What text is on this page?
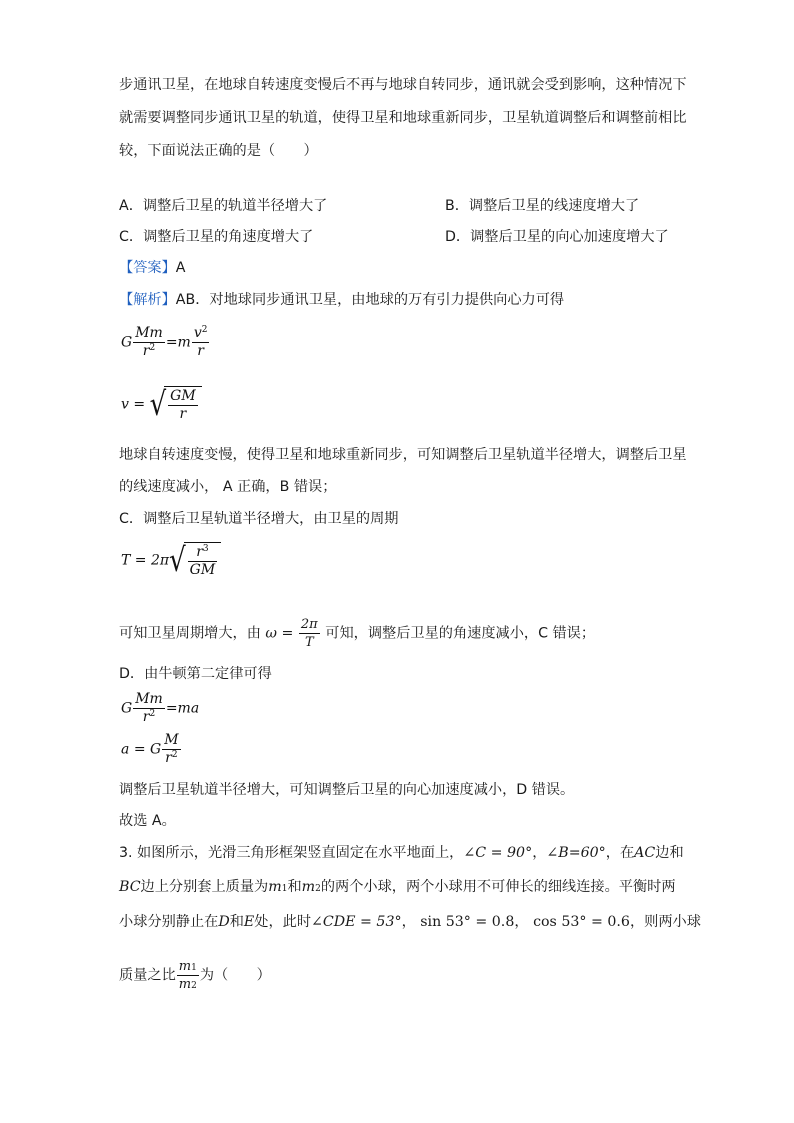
步通讯卫星，在地球自转速度变慢后不再与地球自转同步，通讯就会受到影响，这种情况下
就需要调整同步通讯卫星的轨道，使得卫星和地球重新同步，卫星轨道调整后和调整前相比
较，下面说法正确的是（　　）
A．调整后卫星的轨道半径增大了	B．调整后卫星的线速度增大了
C．调整后卫星的角速度增大了	D．调整后卫星的向心加速度增大了
【答案】A
【解析】AB．对地球同步通讯卫星，由地球的万有引力提供向心力可得
G $\frac{Mm}{r^2} =m \frac{v^2}{r}$
v = √ $\frac{GM}{r}$
地球自转速度变慢，使得卫星和地球重新同步，可知调整后卫星轨道半径增大，调整后卫星
的线速度减小， A 正确，B 错误；
C．调整后卫星轨道半径增大，由卫星的周期
$T = 2\pi√ \frac{r^3}{GM}$
可知卫星周期增大，由 $\omega = \frac{2\pi}{T}$ 可知，调整后卫星的角速度减小，C 错误；
D．由牛顿第二定律可得
G $\frac{Mm}{r^2} =ma$
a = G $\frac{M}{r^2}$
调整后卫星轨道半径增大，可知调整后卫星的向心加速度减小，D 错误。
故选 A。
3. 如图所示，光滑三角形框架竖直固定在水平地面上，∠C = 90°，∠B=60°，在AC边和
BC边上分别套上质量为$m_1$和$m_2$的两个小球，两个小球用不可伸长的细线连接。平衡时两
小球分别静止在D和E处，此时∠CDE = 53°， sin 53° = 0.8， cos 53° = 0.6，则两小球
质量之比 $\frac{m_1}{m_2}$ 为（　　）
